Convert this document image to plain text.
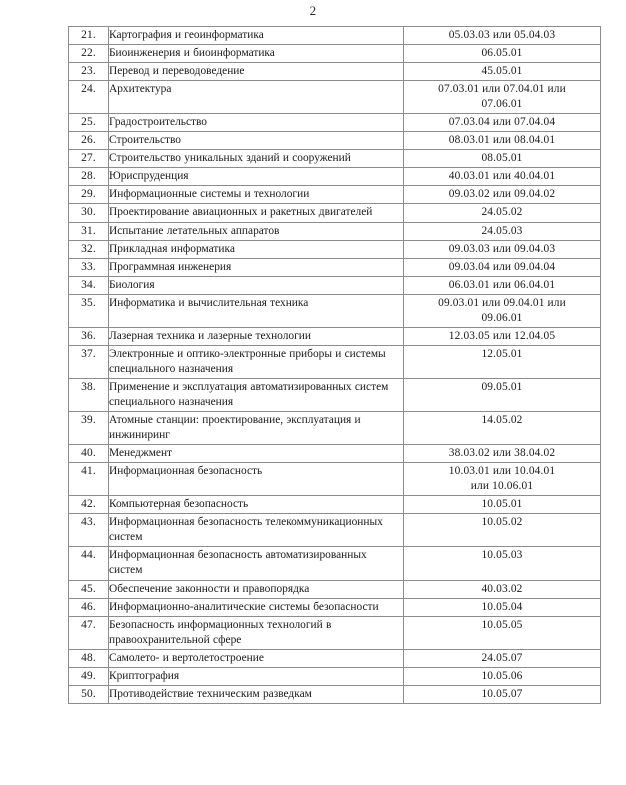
2
21.	Картография и геоинформатика	05.03.03 или 05.04.03

22.	Биоинженерия и биоинформатика	06.05.01

23.	Перевод и переводоведение	45.05.01

24.	Архитектура	07.03.01 или 07.04.01 или
07.06.01

25.	Градостроительство	07.03.04 или 07.04.04

26.	Строительство	08.03.01 или 08.04.01

27.	Строительство уникальных зданий и сооружений	08.05.01

28.	Юриспруденция	40.03.01 или 40.04.01

29.	Информационные системы и технологии	09.03.02 или 09.04.02

30.	Проектирование авиационных и ракетных двигателей	24.05.02

31.	Испытание летательных аппаратов	24.05.03

32.	Прикладная информатика	09.03.03 или 09.04.03

33.	Программная инженерия	09.03.04 или 09.04.04

34.	Биология	06.03.01 или 06.04.01

35.	Информатика и вычислительная техника	09.03.01 или 09.04.01 или
09.06.01

36.	Лазерная техника и лазерные технологии	12.03.05 или 12.04.05

37.	Электронные и оптико-электронные приборы и системы специального назначения	12.05.01

38.	Применение и эксплуатация автоматизированных систем специального назначения	09.05.01

39.	Атомные станции: проектирование, эксплуатация и инжиниринг	14.05.02

40.	Менеджмент	38.03.02 или 38.04.02

41.	Информационная безопасность	10.03.01 или 10.04.01
или 10.06.01

42.	Компьютерная безопасность	10.05.01

43.	Информационная безопасность телекоммуникационных систем	10.05.02

44.	Информационная безопасность автоматизированных систем	10.05.03

45.	Обеспечение законности и правопорядка	40.03.02

46.	Информационно-аналитические системы безопасности	10.05.04

47.	Безопасность информационных технологий в правоохранительной сфере	10.05.05

48.	Самолето- и вертолетостроение	24.05.07

49.	Криптография	10.05.06

50.	Противодействие техническим разведкам	10.05.07
